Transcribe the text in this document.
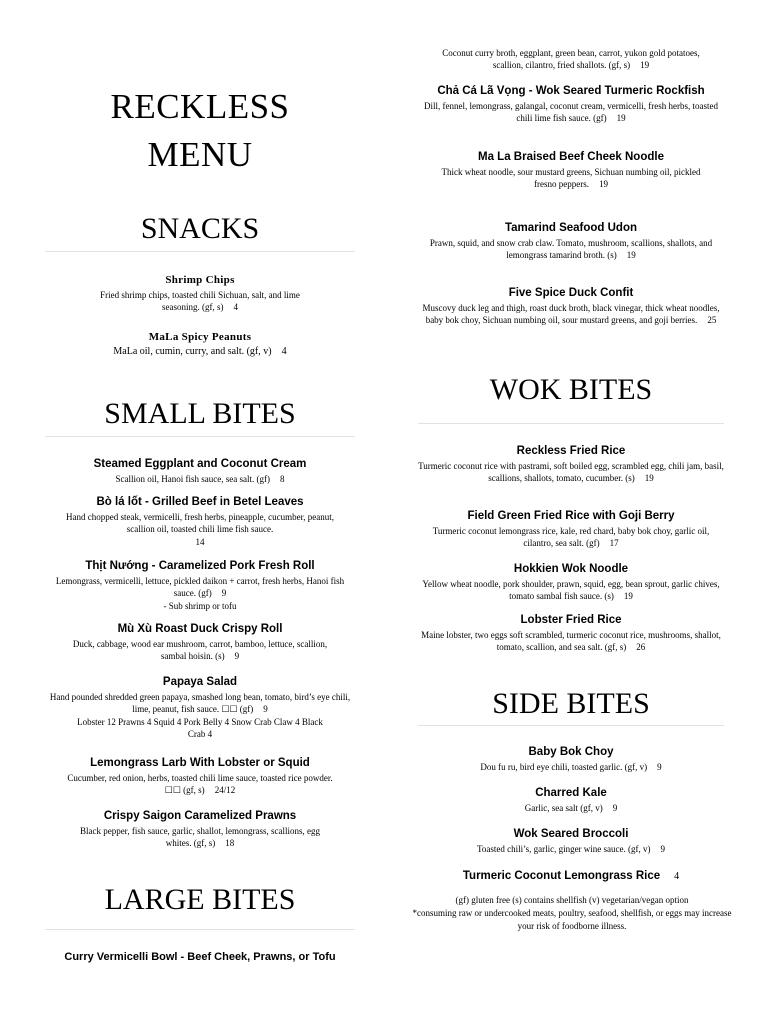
RECKLESS
MENU
SNACKS
Shrimp Chips
Fried shrimp chips, toasted chili Sichuan, salt, and lime seasoning. (gf, s) 4
MaLa Spicy Peanuts
MaLa oil, cumin, curry, and salt. (gf, v) 4
SMALL BITES
Steamed Eggplant and Coconut Cream
Scallion oil, Hanoi fish sauce, sea salt. (gf) 8
Bò lá lốt - Grilled Beef in Betel Leaves
Hand chopped steak, vermicelli, fresh herbs, pineapple, cucumber, peanut, scallion oil, toasted chili lime fish sauce.
14
Thịt Nướng - Caramelized Pork Fresh Roll
Lemongrass, vermicelli, lettuce, pickled daikon + carrot, fresh herbs, Hanoi fish sauce. (gf) 9
- Sub shrimp or tofu
Mù Xù Roast Duck Crispy Roll
Duck, cabbage, wood ear mushroom, carrot, bamboo, lettuce, scallion, sambal hoisin. (s) 9
Papaya Salad
Hand pounded shredded green papaya, smashed long bean, tomato, bird’s eye chili, lime, peanut, fish sauce. ☐☐ (gf) 9
Lobster 12 Prawns 4 Squid 4 Pork Belly 4 Snow Crab Claw 4 Black Crab 4
Lemongrass Larb With Lobster or Squid
Cucumber, red onion, herbs, toasted chili lime sauce, toasted rice powder. ☐☐ (gf, s) 24/12
Crispy Saigon Caramelized Prawns
Black pepper, fish sauce, garlic, shallot, lemongrass, scallions, egg whites. (gf, s) 18
LARGE BITES
Curry Vermicelli Bowl - Beef Cheek, Prawns, or Tofu
Coconut curry broth, eggplant, green bean, carrot, yukon gold potatoes, scallion, cilantro, fried shallots. (gf, s) 19
Chả Cá Lã Vọng - Wok Seared Turmeric Rockfish
Dill, fennel, lemongrass, galangal, coconut cream, vermicelli, fresh herbs, toasted chili lime fish sauce. (gf) 19
Ma La Braised Beef Cheek Noodle
Thick wheat noodle, sour mustard greens, Sichuan numbing oil, pickled fresno peppers. 19
Tamarind Seafood Udon
Prawn, squid, and snow crab claw. Tomato, mushroom, scallions, shallots, and lemongrass tamarind broth. (s) 19
Five Spice Duck Confit
Muscovy duck leg and thigh, roast duck broth, black vinegar, thick wheat noodles, baby bok choy, Sichuan numbing oil, sour mustard greens, and goji berries. 25
WOK BITES
Reckless Fried Rice
Turmeric coconut rice with pastrami, soft boiled egg, scrambled egg, chili jam, basil, scallions, shallots, tomato, cucumber. (s) 19
Field Green Fried Rice with Goji Berry
Turmeric coconut lemongrass rice, kale, red chard, baby bok choy, garlic oil, cilantro, sea salt. (gf) 17
Hokkien Wok Noodle
Yellow wheat noodle, pork shoulder, prawn, squid, egg, bean sprout, garlic chives, tomato sambal fish sauce. (s) 19
Lobster Fried Rice
Maine lobster, two eggs soft scrambled, turmeric coconut rice, mushrooms, shallot, tomato, scallion, and sea salt. (gf, s) 26
SIDE BITES
Baby Bok Choy
Dou fu ru, bird eye chili, toasted garlic. (gf, v) 9
Charred Kale
Garlic, sea salt (gf, v) 9
Wok Seared Broccoli
Toasted chili’s, garlic, ginger wine sauce. (gf, v) 9
Turmeric Coconut Lemongrass Rice 4
(gf) gluten free (s) contains shellfish (v) vegetarian/vegan option
*consuming raw or undercooked meats, poultry, seafood, shellfish, or eggs may increase your risk of foodborne illness.
